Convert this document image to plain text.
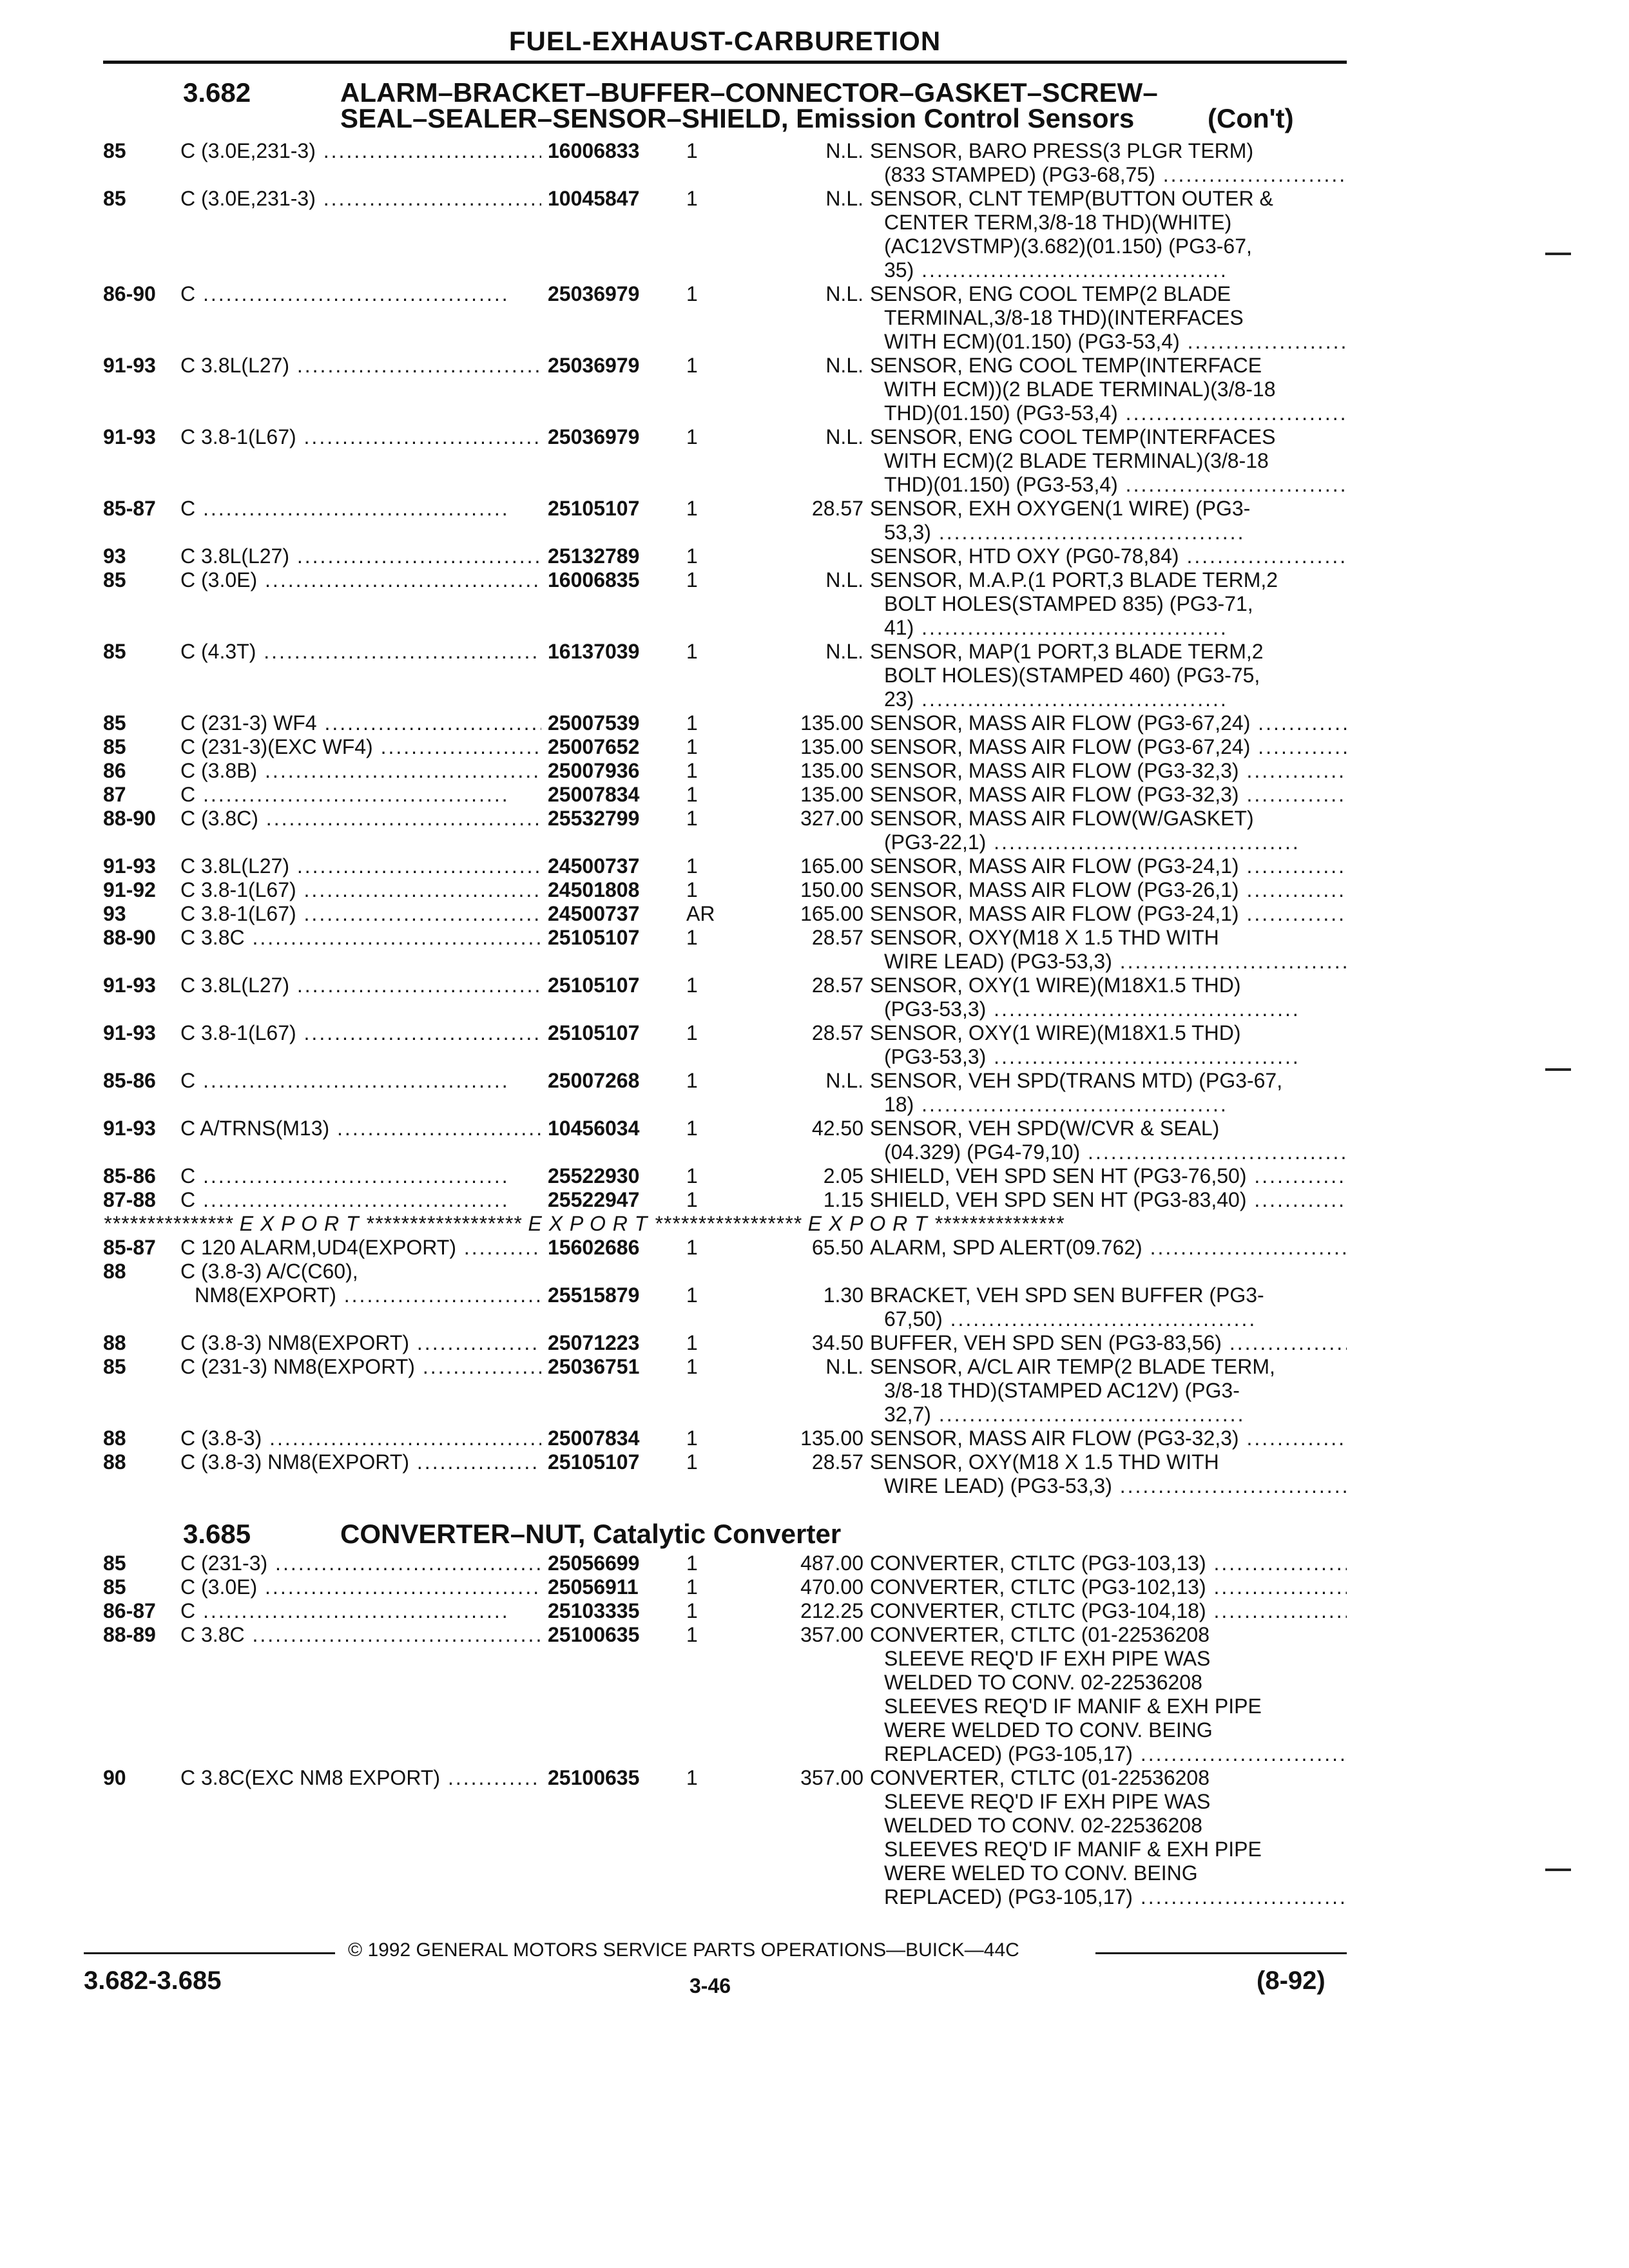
FUEL-EXHAUST-CARBURETION
3.682	ALARM–BRACKET–BUFFER–CONNECTOR–GASKET–SCREW–
SEAL–SEALER–SENSOR–SHIELD, Emission Control Sensors	(Con't)
85	C (3.0E,231-3) .....	16006833 1	N.L. SENSOR, BARO PRESS(3 PLGR TERM)
(833 STAMPED) (PG3-68,75) .....
85	C (3.0E,231-3) .....	10045847 1	N.L. SENSOR, CLNT TEMP(BUTTON OUTER &
CENTER TERM,3/8-18 THD)(WHITE)
(AC12VSTMP)(3.682)(01.150) (PG3-67,
35) .....
86-90	C .....	25036979 1	N.L. SENSOR, ENG COOL TEMP(2 BLADE
TERMINAL,3/8-18 THD)(INTERFACES
WITH ECM)(01.150) (PG3-53,4) .....
91-93	C 3.8L(L27) .....	25036979 1	N.L. SENSOR, ENG COOL TEMP(INTERFACE
WITH ECM))(2 BLADE TERMINAL)(3/8-18
THD)(01.150) (PG3-53,4) .....
91-93	C 3.8-1(L67) .....	25036979 1	N.L. SENSOR, ENG COOL TEMP(INTERFACES
WITH ECM)(2 BLADE TERMINAL)(3/8-18
THD)(01.150) (PG3-53,4) .....
85-87	C .....	25105107 1	28.57 SENSOR, EXH OXYGEN(1 WIRE) (PG3-
53,3) .....
93	C 3.8L(L27) .....	25132789 1	SENSOR, HTD OXY (PG0-78,84) .....
85	C (3.0E) .....	16006835 1	N.L. SENSOR, M.A.P.(1 PORT,3 BLADE TERM,2
BOLT HOLES(STAMPED 835) (PG3-71,
41) .....
85	C (4.3T) .....	16137039 1	N.L. SENSOR, MAP(1 PORT,3 BLADE TERM,2
BOLT HOLES)(STAMPED 460) (PG3-75,
23) .....
85	C (231-3) WF4 .....	25007539 1	135.00 SENSOR, MASS AIR FLOW (PG3-67,24) .....
85	C (231-3)(EXC WF4) .....	25007652 1	135.00 SENSOR, MASS AIR FLOW (PG3-67,24) .....
86	C (3.8B) .....	25007936 1	135.00 SENSOR, MASS AIR FLOW (PG3-32,3) .....
87	C .....	25007834 1	135.00 SENSOR, MASS AIR FLOW (PG3-32,3) .....
88-90	C (3.8C) .....	25532799 1	327.00 SENSOR, MASS AIR FLOW(W/GASKET)
(PG3-22,1) .....
91-93	C 3.8L(L27) .....	24500737 1	165.00 SENSOR, MASS AIR FLOW (PG3-24,1) .....
91-92	C 3.8-1(L67) .....	24501808 1	150.00 SENSOR, MASS AIR FLOW (PG3-26,1) .....
93	C 3.8-1(L67) .....	24500737 AR	165.00 SENSOR, MASS AIR FLOW (PG3-24,1) .....
88-90	C 3.8C .....	25105107 1	28.57 SENSOR, OXY(M18 X 1.5 THD WITH
WIRE LEAD) (PG3-53,3) .....
91-93	C 3.8L(L27) .....	25105107 1	28.57 SENSOR, OXY(1 WIRE)(M18X1.5 THD)
(PG3-53,3) .....
91-93	C 3.8-1(L67) .....	25105107 1	28.57 SENSOR, OXY(1 WIRE)(M18X1.5 THD)
(PG3-53,3) .....
85-86	C .....	25007268 1	N.L. SENSOR, VEH SPD(TRANS MTD) (PG3-67,
18) .....
91-93	C A/TRNS(M13) .....	10456034 1	42.50 SENSOR, VEH SPD(W/CVR & SEAL)
(04.329) (PG4-79,10) .....
85-86	C .....	25522930 1	2.05 SHIELD, VEH SPD SEN HT (PG3-76,50) .....
87-88	C .....	25522947 1	1.15 SHIELD, VEH SPD SEN HT (PG3-83,40) .....
*************** E X P O R T ****************** E X P O R T ***************** E X P O R T ***************
85-87	C 120 ALARM,UD4(EXPORT) .....	15602686 1	65.50 ALARM, SPD ALERT(09.762) .....
88	C (3.8-3) A/C(C60),
NM8(EXPORT) .....	25515879 1	1.30 BRACKET, VEH SPD SEN BUFFER (PG3-
67,50) .....
88	C (3.8-3) NM8(EXPORT) .....	25071223 1	34.50 BUFFER, VEH SPD SEN (PG3-83,56) .....
85	C (231-3) NM8(EXPORT) .....	25036751 1	N.L. SENSOR, A/CL AIR TEMP(2 BLADE TERM,
3/8-18 THD)(STAMPED AC12V) (PG3-
32,7) .....
88	C (3.8-3) .....	25007834 1	135.00 SENSOR, MASS AIR FLOW (PG3-32,3) .....
88	C (3.8-3) NM8(EXPORT) .....	25105107 1	28.57 SENSOR, OXY(M18 X 1.5 THD WITH
WIRE LEAD) (PG3-53,3) .....
3.685	CONVERTER–NUT, Catalytic Converter
85	C (231-3) .....	25056699 1	487.00 CONVERTER, CTLTC (PG3-103,13) .....
85	C (3.0E) .....	25056911 1	470.00 CONVERTER, CTLTC (PG3-102,13) .....
86-87	C .....	25103335 1	212.25 CONVERTER, CTLTC (PG3-104,18) .....
88-89	C 3.8C .....	25100635 1	357.00 CONVERTER, CTLTC (01-22536208
SLEEVE REQ'D IF EXH PIPE WAS
WELDED TO CONV. 02-22536208
SLEEVES REQ'D IF MANIF & EXH PIPE
WERE WELDED TO CONV. BEING
REPLACED) (PG3-105,17) .....
90	C 3.8C(EXC NM8 EXPORT) .....	25100635 1	357.00 CONVERTER, CTLTC (01-22536208
SLEEVE REQ'D IF EXH PIPE WAS
WELDED TO CONV. 02-22536208
SLEEVES REQ'D IF MANIF & EXH PIPE
WERE WELED TO CONV. BEING
REPLACED) (PG3-105,17) .....
© 1992 GENERAL MOTORS SERVICE PARTS OPERATIONS—BUICK—44C
3.682-3.685	3-46	(8-92)
